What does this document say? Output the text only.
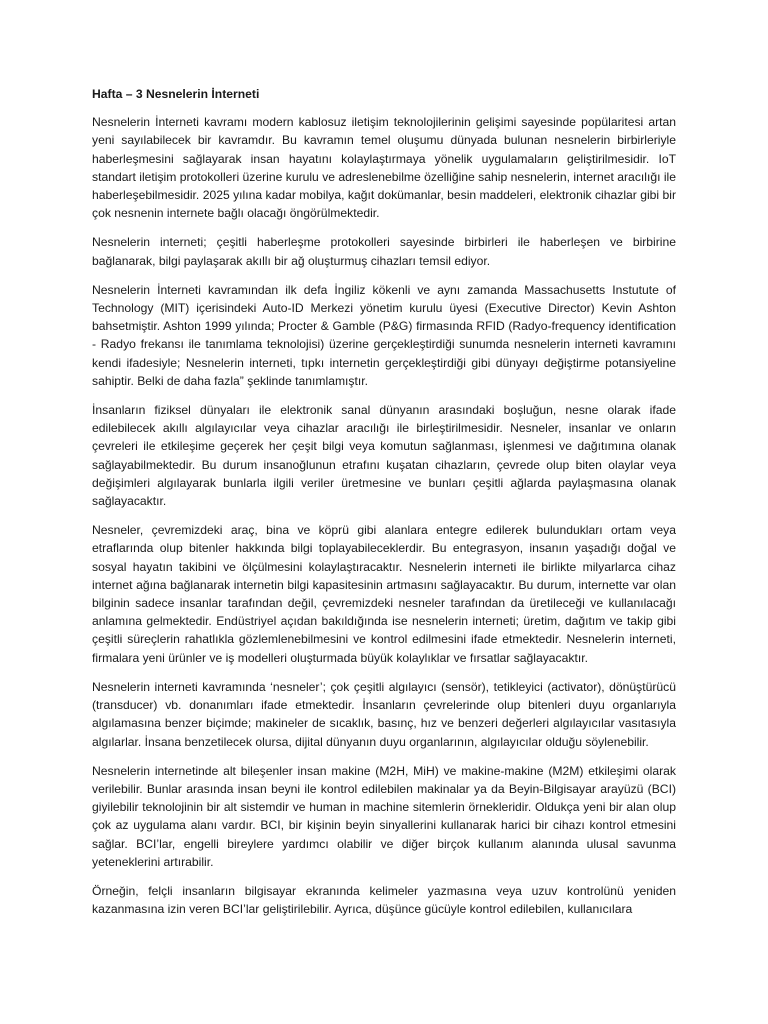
Hafta – 3 Nesnelerin İnterneti

Nesnelerin İnterneti kavramı modern kablosuz iletişim teknolojilerinin gelişimi sayesinde popülaritesi artan yeni sayılabilecek bir kavramdır. Bu kavramın temel oluşumu dünyada bulunan nesnelerin birbirleriyle haberleşmesini sağlayarak insan hayatını kolaylaştırmaya yönelik uygulamaların geliştirilmesidir. IoT standart iletişim protokolleri üzerine kurulu ve adreslenebilme özelliğine sahip nesnelerin, internet aracılığı ile haberleşebilmesidir. 2025 yılına kadar mobilya, kağıt dokümanlar, besin maddeleri, elektronik cihazlar gibi bir çok nesnenin internete bağlı olacağı öngörülmektedir.

Nesnelerin interneti; çeşitli haberleşme protokolleri sayesinde birbirleri ile haberleşen ve birbirine bağlanarak, bilgi paylaşarak akıllı bir ağ oluşturmuş cihazları temsil ediyor.

Nesnelerin İnterneti kavramından ilk defa İngiliz kökenli ve aynı zamanda Massachusetts Instutute of Technology (MIT) içerisindeki Auto-ID Merkezi yönetim kurulu üyesi (Executive Director) Kevin Ashton bahsetmiştir. Ashton 1999 yılında; Procter & Gamble (P&G) firmasında RFID (Radyo-frequency identification - Radyo frekansı ile tanımlama teknolojisi) üzerine gerçekleştirdiği sunumda nesnelerin interneti kavramını kendi ifadesiyle; Nesnelerin interneti, tıpkı internetin gerçekleştirdiği gibi dünyayı değiştirme potansiyeline sahiptir. Belki de daha fazla” şeklinde tanımlamıştır.

İnsanların fiziksel dünyaları ile elektronik sanal dünyanın arasındaki boşluğun, nesne olarak ifade edilebilecek akıllı algılayıcılar veya cihazlar aracılığı ile birleştirilmesidir. Nesneler, insanlar ve onların çevreleri ile etkileşime geçerek her çeşit bilgi veya komutun sağlanması, işlenmesi ve dağıtımına olanak sağlayabilmektedir. Bu durum insanoğlunun etrafını kuşatan cihazların, çevrede olup biten olaylar veya değişimleri algılayarak bunlarla ilgili veriler üretmesine ve bunları çeşitli ağlarda paylaşmasına olanak sağlayacaktır.

Nesneler, çevremizdeki araç, bina ve köprü gibi alanlara entegre edilerek bulundukları ortam veya etraflarında olup bitenler hakkında bilgi toplayabileceklerdir. Bu entegrasyon, insanın yaşadığı doğal ve sosyal hayatın takibini ve ölçülmesini kolaylaştıracaktır. Nesnelerin interneti ile birlikte milyarlarca cihaz internet ağına bağlanarak internetin bilgi kapasitesinin artmasını sağlayacaktır. Bu durum, internette var olan bilginin sadece insanlar tarafından değil, çevremizdeki nesneler tarafından da üretileceği ve kullanılacağı anlamına gelmektedir. Endüstriyel açıdan bakıldığında ise nesnelerin interneti; üretim, dağıtım ve takip gibi çeşitli süreçlerin rahatlıkla gözlemlenebilmesini ve kontrol edilmesini ifade etmektedir. Nesnelerin interneti, firmalara yeni ürünler ve iş modelleri oluşturmada büyük kolaylıklar ve fırsatlar sağlayacaktır.

Nesnelerin interneti kavramında ‘nesneler’; çok çeşitli algılayıcı (sensör), tetikleyici (activator), dönüştürücü (transducer) vb. donanımları ifade etmektedir. İnsanların çevrelerinde olup bitenleri duyu organlarıyla algılamasına benzer biçimde; makineler de sıcaklık, basınç, hız ve benzeri değerleri algılayıcılar vasıtasıyla algılarlar. İnsana benzetilecek olursa, dijital dünyanın duyu organlarının, algılayıcılar olduğu söylenebilir.

Nesnelerin internetinde alt bileşenler insan makine (M2H, MiH) ve makine-makine (M2M) etkileşimi olarak verilebilir. Bunlar arasında insan beyni ile kontrol edilebilen makinalar ya da Beyin-Bilgisayar arayüzü (BCI) giyilebilir teknolojinin bir alt sistemdir ve human in machine sitemlerin örnekleridir. Oldukça yeni bir alan olup çok az uygulama alanı vardır. BCI, bir kişinin beyin sinyallerini kullanarak harici bir cihazı kontrol etmesini sağlar. BCI’lar, engelli bireylere yardımcı olabilir ve diğer birçok kullanım alanında ulusal savunma yeteneklerini artırabilir.

Örneğin, felçli insanların bilgisayar ekranında kelimeler yazmasına veya uzuv kontrolünü yeniden kazanmasına izin veren BCI’lar geliştirilebilir. Ayrıca, düşünce gücüyle kontrol edilebilen, kullanıcılara
